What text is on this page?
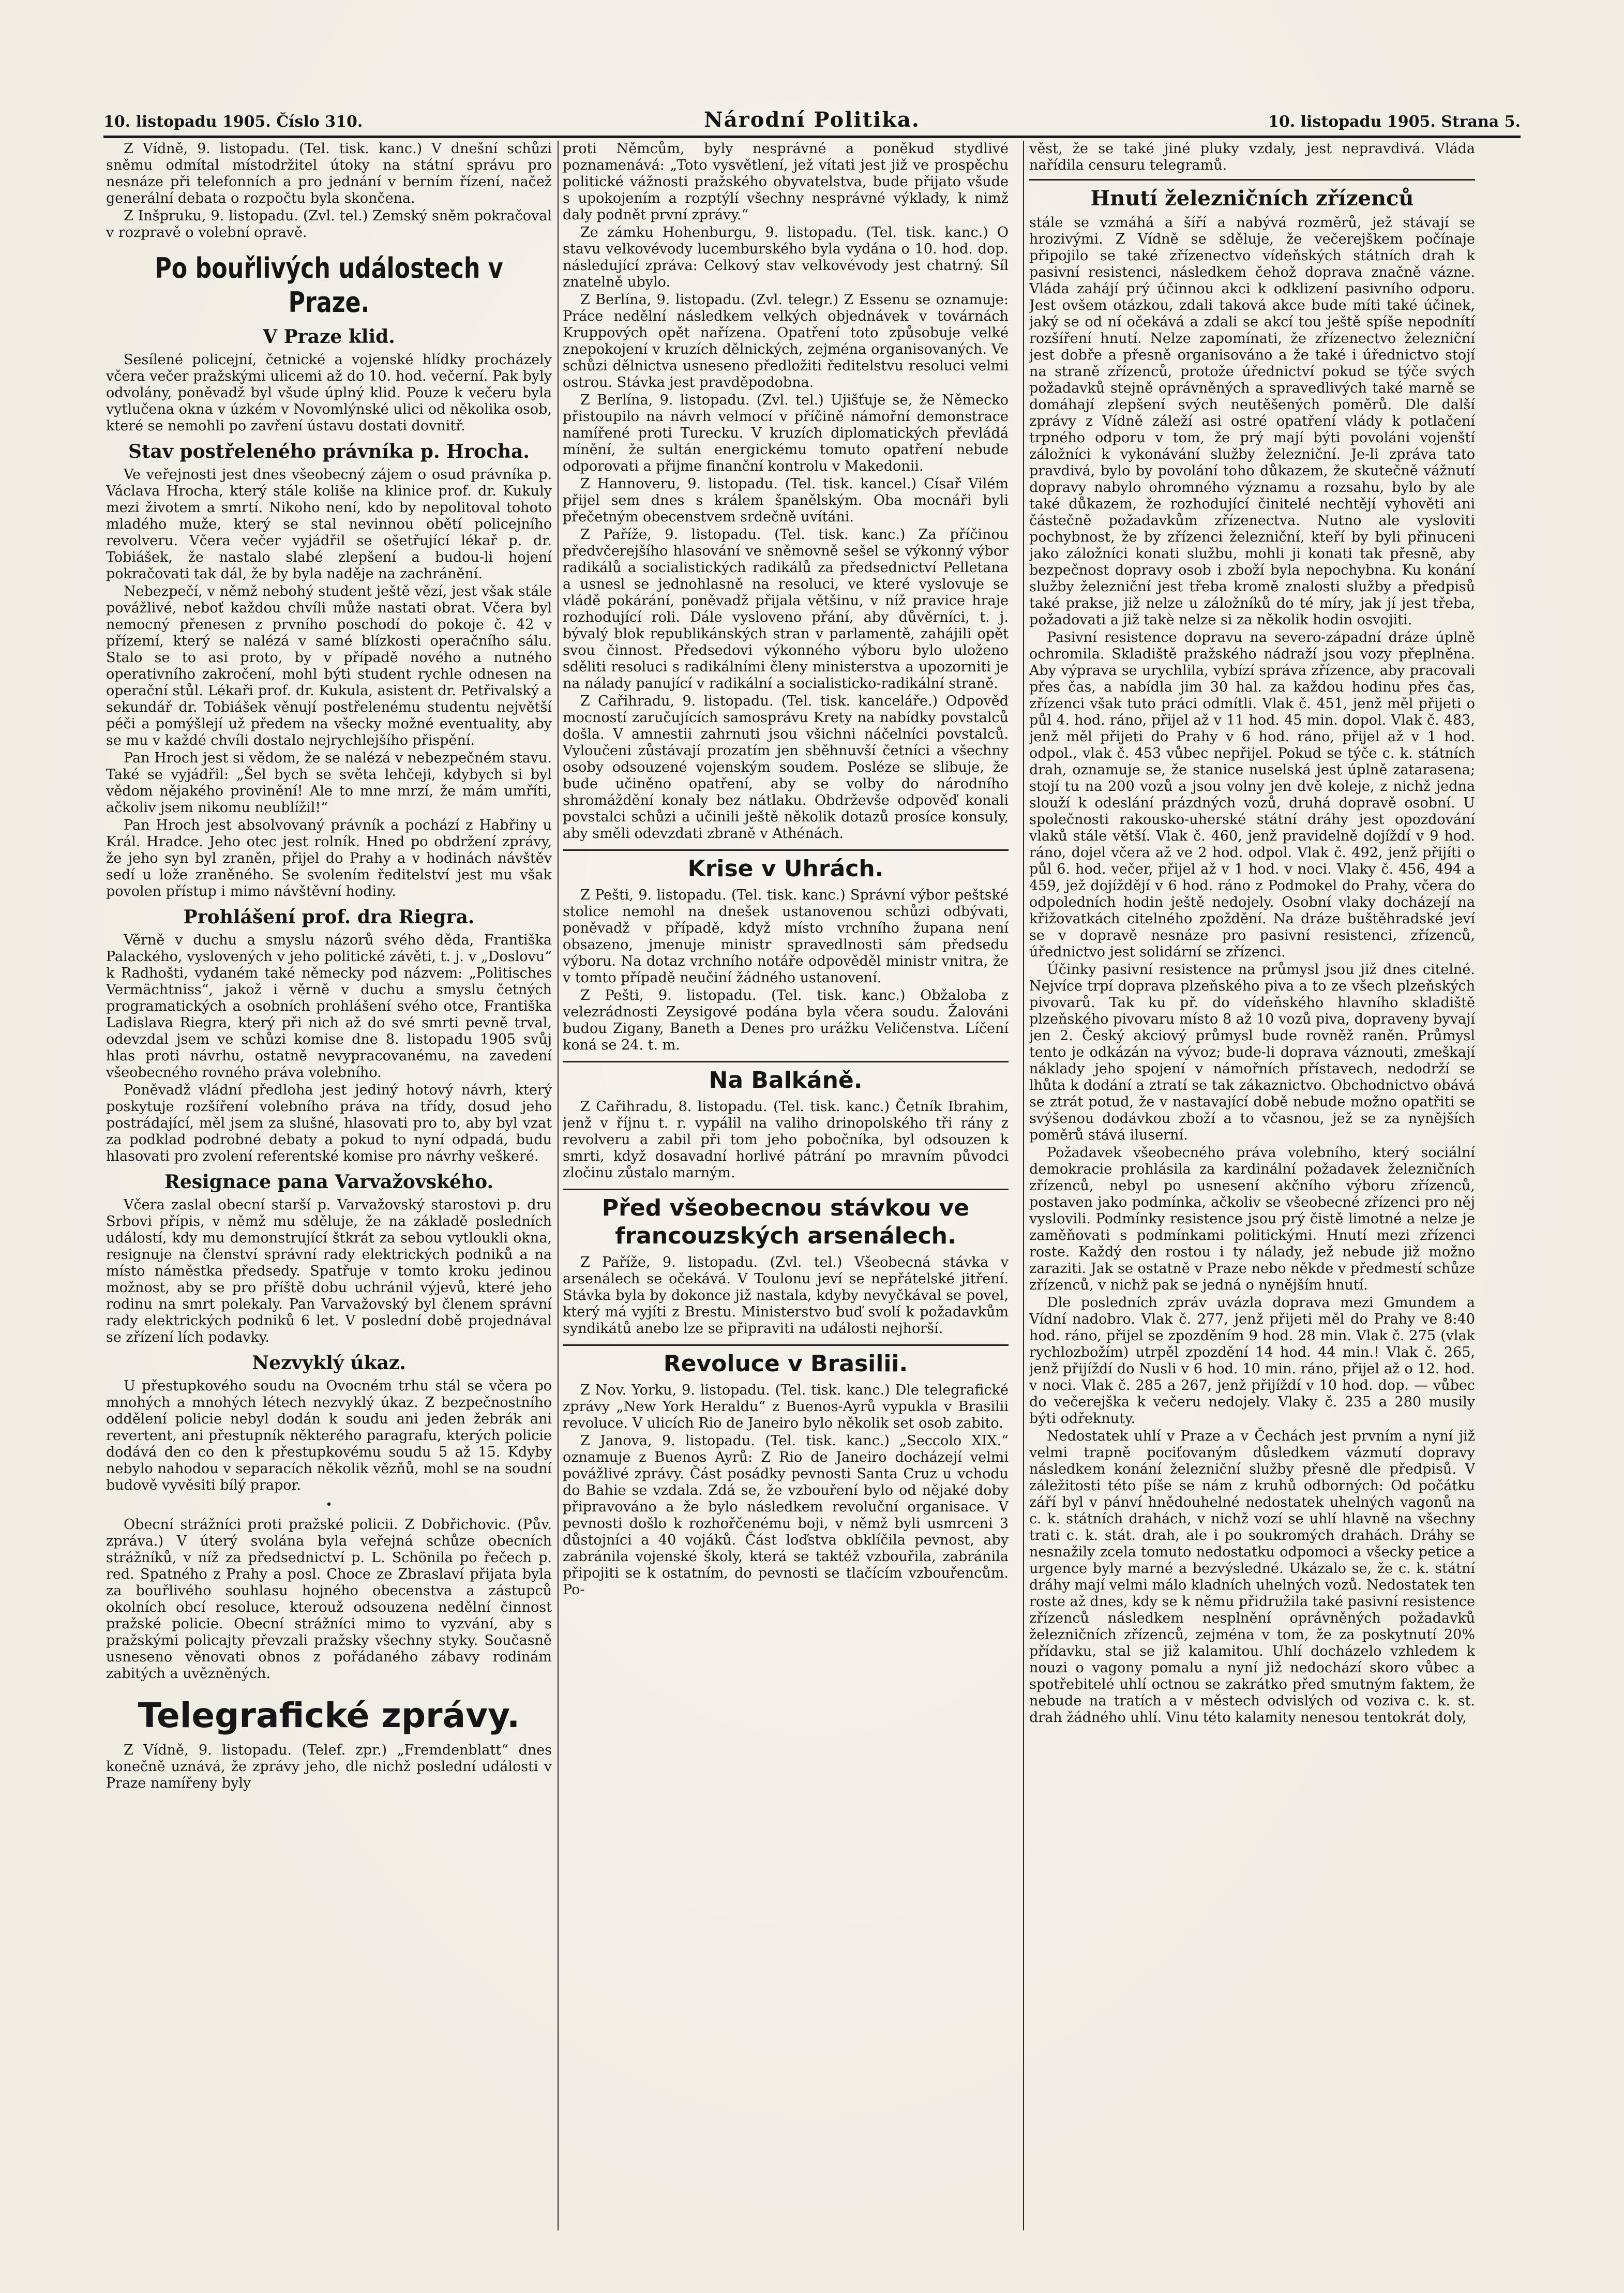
10. listopadu 1905. Číslo 310.	Národní Politika.	10. listopadu 1905. Strana 5.

Z Vídně, 9. listopadu. (Tel. tisk. kanc.) V dnešní schůzi sněmu odmítal místodržitel útoky na státní správu pro nesnáze při telefonních a pro jednání v berním řízení, načež generální debata o rozpočtu byla skončena.

Z Inšpruku, 9. listopadu. (Zvl. tel.) Zemský sněm pokračoval v rozpravě o volební opravě.

Po bouřlivých událostech v Praze.
V Praze klid.

Sesílené policejní, četnické a vojenské hlídky procházely včera večer pražskými ulicemi až do 10. hod. večerní. Pak byly odvolány, poněvadž byl všude úplný klid. Pouze k večeru byla vytlučena okna v úzkém v Novomlýnské ulici od několika osob, které se nemohli po zavření ústavu dostati dovnitř.

Stav postřeleného právníka p. Hrocha.

Ve veřejnosti jest dnes všeobecný zájem o osud právníka p. Václava Hrocha, který stále koliše na klinice prof. dr. Kukuly mezi životem a smrtí. Nikoho není, kdo by nepolitoval tohoto mladého muže, který se stal nevinnou obětí policejního revolveru. Včera večer vyjádřil se ošetřující lékař p. dr. Tobiášek, že nastalo slabé zlepšení a budou-li hojení pokračovati tak dál, že by byla naděje na zachránění.

Nebezpečí, v němž nebohý student ještě vězí, jest však stále povážlivé, neboť každou chvíli může nastati obrat. Včera byl nemocný přenesen z prvního poschodí do pokoje č. 42 v přízemí, který se nalézá v samé blízkosti operačního sálu. Stalo se to asi proto, by v případě nového a nutného operativního zakročení, mohl býti student rychle odnesen na operační stůl. Lékaři prof. dr. Kukula, asistent dr. Petřivalský a sekundář dr. Tobiášek věnují postřelenému studentu největší péči a pomýšlejí už předem na všecky možné eventuality, aby se mu v každé chvíli dostalo nejrychlejšího přispění.

Pan Hroch jest si vědom, že se nalézá v nebezpečném stavu. Také se vyjádřil: „Šel bych se světa lehčeji, kdybych si byl vědom nějakého provinění! Ale to mne mrzí, že mám umříti, ačkoliv jsem nikomu neublížil!“

Pan Hroch jest absolvovaný právník a pochází z Habřiny u Král. Hradce. Jeho otec jest rolník. Hned po obdržení zprávy, že jeho syn byl zraněn, přijel do Prahy a v hodinách návštěv sedí u lože zraněného. Se svolením ředitelství jest mu však povolen přístup i mimo návštěvní hodiny.

Prohlášení prof. dra Riegra.

Věrně v duchu a smyslu názorů svého děda, Františka Palackého, vyslovených v jeho politické závěti, t. j. v „Doslovu“ k Radhošti, vydaném také německy pod názvem: „Politisches Vermächtniss“, jakož i věrně v duchu a smyslu četných programatických a osobních prohlášení svého otce, Františka Ladislava Riegra, který při nich až do své smrti pevně trval, odevzdal jsem ve schůzi komise dne 8. listopadu 1905 svůj hlas proti návrhu, ostatně nevypracovanému, na zavedení všeobecného rovného práva volebního.

Poněvadž vládní předloha jest jediný hotový návrh, který poskytuje rozšíření volebního práva na třídy, dosud jeho postrádající, měl jsem za slušné, hlasovati pro to, aby byl vzat za podklad podrobné debaty a pokud to nyní odpadá, budu hlasovati pro zvolení referentské komise pro návrhy veškeré.

Resignace pana Varvažovského.

Včera zaslal obecní starší p. Varvažovský starostovi p. dru Srbovi přípis, v němž mu sděluje, že na základě posledních událostí, kdy mu demonstrující štkrát za sebou vytloukli okna, resignuje na členství správní rady elektrických podniků a na místo náměstka předsedy. Spatřuje v tomto kroku jedinou možnost, aby se pro příště dobu uchránil výjevů, které jeho rodinu na smrt polekaly. Pan Varvažovský byl členem správní rady elektrických podniků 6 let. V poslední době projednával se zřízení lích podavky.

Nezvyklý úkaz.

U přestupkového soudu na Ovocném trhu stál se včera po mnohých a mnohých létech nezvyklý úkaz. Z bezpečnostního oddělení policie nebyl dodán k soudu ani jeden žebrák ani revertent, ani přestupník některého paragrafu, kterých policie dodává den co den k přestupkovému soudu 5 až 15. Kdyby nebylo nahodou v separacích několik vězňů, mohl se na soudní budově vyvěsiti bílý prapor.

•

Obecní strážníci proti pražské policii. Z Dobřichovic. (Pův. zpráva.) V úterý svolána byla veřejná schůze obecních strážníků, v níž za předsednictví p. L. Schönila po řečech p. red. Spatného z Prahy a posl. Choce ze Zbraslaví přijata byla za bouřlivého souhlasu hojného obecenstva a zástupců okolních obcí resoluce, kterouž odsouzena nedělní činnost pražské policie. Obecní strážníci mimo to vyzvání, aby s pražskými policajty převzali pražsky všechny styky. Současně usneseno věnovati obnos z pořádaného zábavy rodinám zabitých a uvězněných.

Telegrafické zprávy.

Z Vídně, 9. listopadu. (Telef. zpr.) „Fremdenblatt“ dnes konečně uznává, že zprávy jeho, dle nichž poslední události v Praze namířeny byly

proti Němcům, byly nesprávné a poněkud stydlivé poznamenává: „Toto vysvětlení, jež vítati jest již ve prospěchu politické vážnosti pražského obyvatelstva, bude přijato všude s upokojením a rozptýlí všechny nesprávné výklady, k nimž daly podnět první zprávy.“

Ze zámku Hohenburgu, 9. listopadu. (Tel. tisk. kanc.) O stavu velkovévody lucemburského byla vydána o 10. hod. dop. následující zpráva: Celkový stav velkovévody jest chatrný. Síl znatelně ubylo.

Z Berlína, 9. listopadu. (Zvl. telegr.) Z Essenu se oznamuje: Práce nedělní následkem velkých objednávek v továrnách Kruppových opět nařízena. Opatření toto způsobuje velké znepokojení v kruzích dělnických, zejména organisovaných. Ve schůzi dělnictva usneseno předložiti ředitelstvu resoluci velmi ostrou. Stávka jest pravděpodobna.

Z Berlína, 9. listopadu. (Zvl. tel.) Ujišťuje se, že Německo přistoupilo na návrh velmocí v příčině námořní demonstrace namířené proti Turecku. V kruzích diplomatických převládá mínění, že sultán energickému tomuto opatření nebude odporovati a přijme finanční kontrolu v Makedonii.

Z Hannoveru, 9. listopadu. (Tel. tisk. kancel.) Císař Vilém přijel sem dnes s králem španělským. Oba mocnáři byli přečetným obecenstvem srdečně uvítáni.

Z Paříže, 9. listopadu. (Tel. tisk. kanc.) Za příčinou předvčerejšího hlasování ve sněmovně sešel se výkonný výbor radikálů a socialistických radikálů za předsednictví Pelletana a usnesl se jednohlasně na resoluci, ve které vyslovuje se vládě pokárání, poněvadž přijala většinu, v níž pravice hraje rozhodující roli. Dále vysloveno přání, aby důvěrníci, t. j. bývalý blok republikánských stran v parlamentě, zahájili opět svou činnost. Předsedovi výkonného výboru bylo uloženo sděliti resoluci s radikálními členy ministerstva a upozorniti je na nálady panující v radikální a socialisticko-radikální straně.

Z Cařihradu, 9. listopadu. (Tel. tisk. kanceláře.) Odpověď mocností zaručujících samosprávu Krety na nabídky povstalců došla. V amnestii zahrnuti jsou všichni náčelníci povstalců. Vyloučeni zůstávají prozatím jen sběhnuvší četníci a všechny osoby odsouzené vojenským soudem. Posléze se slibuje, že bude učiněno opatření, aby se volby do národního shromáždění konaly bez nátlaku. Obdrževše odpověď konali povstalci schůzi a učinili ještě několik dotazů prosíce konsuly, aby směli odevzdati zbraně v Athénách.

Krise v Uhrách.

Z Pešti, 9. listopadu. (Tel. tisk. kanc.) Správní výbor peštské stolice nemohl na dnešek ustanovenou schůzi odbývati, poněvadž v případě, když místo vrchního župana není obsazeno, jmenuje ministr spravedlnosti sám předsedu výboru. Na dotaz vrchního notáře odpověděl ministr vnitra, že v tomto případě neučiní žádného ustanovení.

Z Pešti, 9. listopadu. (Tel. tisk. kanc.) Obžaloba z velezrádnosti Zeysigové podána byla včera soudu. Žalováni budou Zigany, Baneth a Denes pro urážku Veličenstva. Líčení koná se 24. t. m.

Na Balkáně.

Z Cařihradu, 8. listopadu. (Tel. tisk. kanc.) Četník Ibrahim, jenž v říjnu t. r. vypálil na valiho drinopolského tři rány z revolveru a zabil při tom jeho pobočníka, byl odsouzen k smrti, když dosavadní horlivé pátrání po mravním původci zločinu zůstalo marným.

Před všeobecnou stávkou ve francouzských arsenálech.

Z Paříže, 9. listopadu. (Zvl. tel.) Všeobecná stávka v arsenálech se očekává. V Toulonu jeví se nepřátelské jitření. Stávka byla by dokonce již nastala, kdyby nevyčkával se povel, který má vyjíti z Brestu. Ministerstvo buď svolí k požadavkům syndikátů anebo lze se připraviti na události nejhorší.

Revoluce v Brasilii.

Z Nov. Yorku, 9. listopadu. (Tel. tisk. kanc.) Dle telegrafické zprávy „New York Heraldu“ z Buenos-Ayrů vypukla v Brasilii revoluce. V ulicích Rio de Janeiro bylo několik set osob zabito.

Z Janova, 9. listopadu. (Tel. tisk. kanc.) „Seccolo XIX.“ oznamuje z Buenos Ayrů: Z Rio de Janeiro docházejí velmi povážlivé zprávy. Část posádky pevnosti Santa Cruz u vchodu do Bahie se vzdala. Zdá se, že vzbouření bylo od nějaké doby připravováno a že bylo následkem revoluční organisace. V pevnosti došlo k rozhořčenému boji, v němž byli usmrceni 3 důstojníci a 40 vojáků. Část loďstva obklíčila pevnost, aby zabránila vojenské školy, která se taktéž vzbouřila, zabránila připojiti se k ostatním, do pevnosti se tlačícím vzbouřencům. Po-

věst, že se také jiné pluky vzdaly, jest nepravdivá. Vláda nařídila censuru telegramů.

Hnutí železničních zřízenců

stále se vzmáhá a šíří a nabývá rozměrů, jež stávají se hrozivými. Z Vídně se sděluje, že večerejškem počínaje připojilo se také zřízenectvo vídeňských státních drah k pasivní resistenci, následkem čehož doprava značně vázne. Vláda zahájí prý účinnou akci k odklizení pasivního odporu. Jest ovšem otázkou, zdali taková akce bude míti také účinek, jaký se od ní očekává a zdali se akcí tou ještě spíše nepodnítí rozšíření hnutí. Nelze zapomínati, že zřízenectvo železniční jest dobře a přesně organisováno a že také i úřednictvo stojí na straně zřízenců, protože úřednictví pokud se týče svých požadavků stejně oprávněných a spravedlivých také marně se domáhají zlepšení svých neutěšených poměrů. Dle další zprávy z Vídně záleží asi ostré opatření vlády k potlačení trpného odporu v tom, že prý mají býti povoláni vojenští záložníci k vykonávání služby železniční. Je-li zpráva tato pravdivá, bylo by povolání toho důkazem, že skutečně vážnutí dopravy nabylo ohromného významu a rozsahu, bylo by ale také důkazem, že rozhodující činitelé nechtějí vyhověti ani částečně požadavkům zřízenectva. Nutno ale vysloviti pochybnost, že by zřízenci železniční, kteří by byli přinuceni jako záložníci konati službu, mohli ji konati tak přesně, aby bezpečnost dopravy osob i zboží byla nepochybna. Ku konání služby železniční jest třeba kromě znalosti služby a předpisů také prakse, již nelze u záložníků do té míry, jak jí jest třeba, požadovati a již takè nelze si za několik hodin osvojiti.

Pasivní resistence dopravu na severo-západní dráze úplně ochromila. Skladiště pražského nádraží jsou vozy přeplněna. Aby výprava se urychlila, vybízí správa zřízence, aby pracovali přes čas, a nabídla jim 30 hal. za každou hodinu přes čas, zřízenci však tuto práci odmítli. Vlak č. 451, jenž měl přijeti o půl 4. hod. ráno, přijel až v 11 hod. 45 min. dopol. Vlak č. 483, jenž měl přijeti do Prahy v 6 hod. ráno, přijel až v 1 hod. odpol., vlak č. 453 vůbec nepřijel. Pokud se týče c. k. státních drah, oznamuje se, že stanice nuselská jest úplně zatarasena; stojí tu na 200 vozů a jsou volny jen dvě koleje, z nichž jedna slouží k odeslání prázdných vozů, druhá dopravě osobní. U společnosti rakousko-uherské státní dráhy jest opozdování vlaků stále větší. Vlak č. 460, jenž pravidelně dojíždí v 9 hod. ráno, dojel včera až ve 2 hod. odpol. Vlak č. 492, jenž přijíti o půl 6. hod. večer, přijel až v 1 hod. v noci. Vlaky č. 456, 494 a 459, jež dojíždějí v 6 hod. ráno z Podmokel do Prahy, včera do odpoledních hodin ještě nedojely. Osobní vlaky docházejí na křižovatkách citelného zpoždění. Na dráze buštěhradské jeví se v dopravě nesnáze pro pasivní resistenci, zřízenců, úřednictvo jest solidární se zřízenci.

Účinky pasivní resistence na průmysl jsou již dnes citelné. Nejvíce trpí doprava plzeňského piva a to ze všech plzeňských pivovarů. Tak ku př. do vídeňského hlavního skladiště plzeňského pivovaru místo 8 až 10 vozů piva, dopraveny byvají jen 2. Český akciový průmysl bude rovněž raněn. Průmysl tento je odkázán na vývoz; bude-li doprava váznouti, zmeškají náklady jeho spojení v námořních přístavech, nedodrží se lhůta k dodání a ztratí se tak zákaznictvo. Obchodnictvo obává se ztrát potud, že v nastavající době nebude možno opatřiti se svýšenou dodávkou zboží a to včasnou, jež se za nynějších poměrů stává iluserní.

Požadavek všeobecného práva volebního, který sociální demokracie prohlásila za kardinální požadavek železničních zřízenců, nebyl po usnesení akčního výboru zřízenců, postaven jako podmínka, ačkoliv se všeobecné zřízenci pro něj vyslovili. Podmínky resistence jsou prý čistě limotné a nelze je zaměňovati s podmínkami politickými. Hnutí mezi zřízenci roste. Každý den rostou i ty nálady, jež nebude již možno zaraziti. Jak se ostatně v Praze nebo někde v předmestí schůze zřízenců, v nichž pak se jedná o nynějším hnutí.

Dle posledních zpráv uvázla doprava mezi Gmundem a Vídní nadobro. Vlak č. 277, jenž přijeti měl do Prahy ve 8:40 hod. ráno, přijel se zpozděním 9 hod. 28 min. Vlak č. 275 (vlak rychlozbožím) utrpěl zpozdění 14 hod. 44 min.! Vlak č. 265, jenž přijíždí do Nusli v 6 hod. 10 min. ráno, přijel až o 12. hod. v noci. Vlak č. 285 a 267, jenž přijíždí v 10 hod. dop. — vůbec do večerejška k večeru nedojely. Vlaky č. 235 a 280 musily býti odřeknuty.

Nedostatek uhlí v Praze a v Čechách jest prvním a nyní již velmi trapně pociťovaným důsledkem vázmutí dopravy následkem konání železniční služby přesně dle předpisů. V záležitosti této píše se nám z kruhů odborných: Od počátku září byl v pánví hnědouhelné nedostatek uhelných vagonů na c. k. státních drahách, v nichž vozí se uhlí hlavně na všechny trati c. k. stát. drah, ale i po soukromých drahách. Dráhy se nesnažily zcela tomuto nedostatku odpomoci a všecky petice a urgence byly marné a bezvýsledné. Ukázalo se, že c. k. státní dráhy mají velmi málo kladních uhelných vozů. Nedostatek ten roste až dnes, kdy se k němu přidružila také pasivní resistence zřízenců následkem nesplnění oprávněných požadavků železničních zřízenců, zejména v tom, že za poskytnutí 20% přídavku, stal se již kalamitou. Uhlí docházelo vzhledem k nouzi o vagony pomalu a nyní již nedochází skoro vůbec a spotřebitelé uhlí octnou se zakrátko před smutným faktem, že nebude na tratích a v městech odvislých od voziva c. k. st. drah žádného uhlí. Vinu této kalamity nenesou tentokrát doly,
